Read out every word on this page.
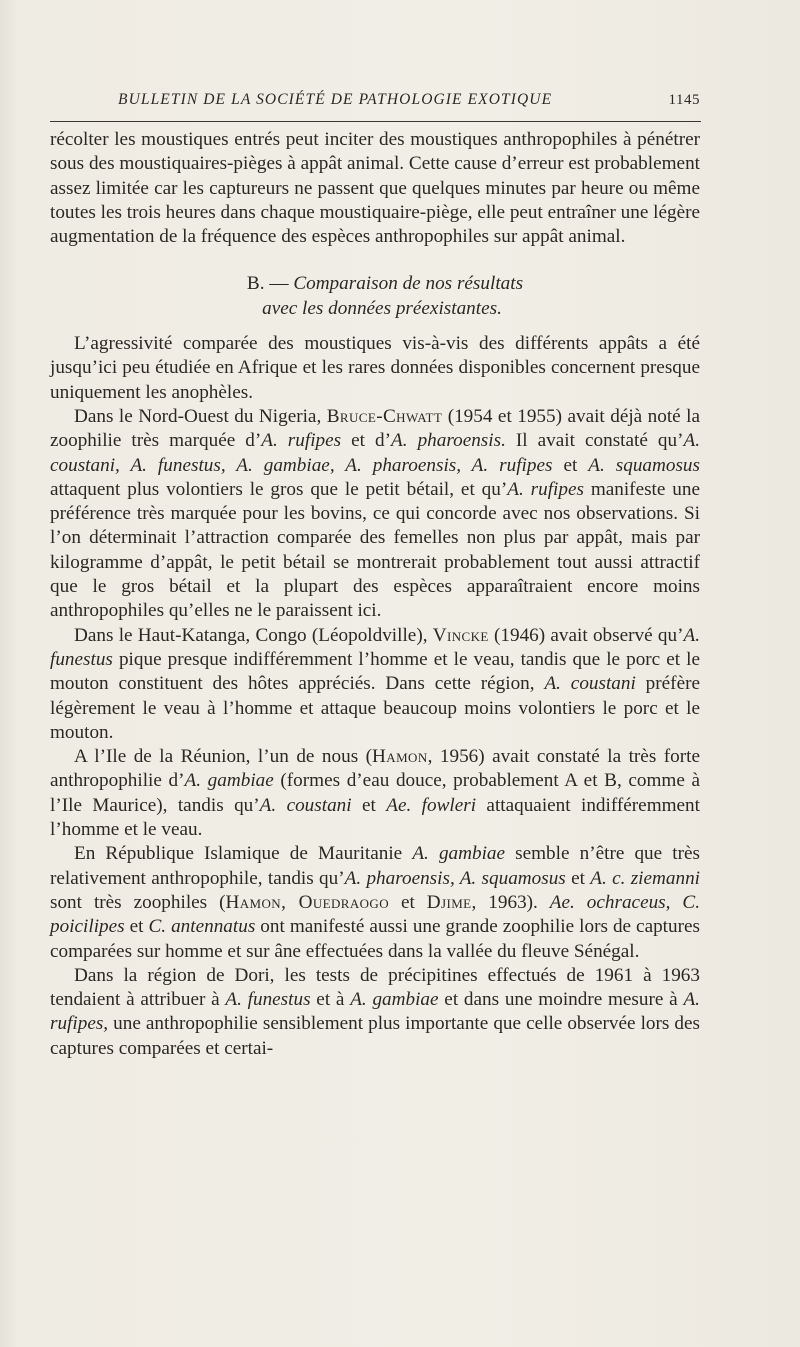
BULLETIN DE LA SOCIÉTÉ DE PATHOLOGIE EXOTIQUE	1145

récolter les moustiques entrés peut inciter des moustiques anthropophiles à pénétrer sous des moustiquaires-pièges à appât animal. Cette cause d’erreur est probablement assez limitée car les captureurs ne passent que quelques minutes par heure ou même toutes les trois heures dans chaque moustiquaire-piège, elle peut entraîner une légère augmentation de la fréquence des espèces anthropophiles sur appât animal.

B. — Comparaison de nos résultats
avec les données préexistantes.

L’agressivité comparée des moustiques vis-à-vis des différents appâts a été jusqu’ici peu étudiée en Afrique et les rares données disponibles concernent presque uniquement les anophèles.

Dans le Nord-Ouest du Nigeria, Bruce-Chwatt (1954 et 1955) avait déjà noté la zoophilie très marquée d’A. rufipes et d’A. pharoensis. Il avait constaté qu’A. coustani, A. funestus, A. gambiae, A. pharoensis, A. rufipes et A. squamosus attaquent plus volontiers le gros que le petit bétail, et qu’A. rufipes manifeste une préférence très marquée pour les bovins, ce qui concorde avec nos observations. Si l’on déterminait l’attraction comparée des femelles non plus par appât, mais par kilogramme d’appât, le petit bétail se montrerait probablement tout aussi attractif que le gros bétail et la plupart des espèces apparaîtraient encore moins anthropophiles qu’elles ne le paraissent ici.

Dans le Haut-Katanga, Congo (Léopoldville), Vincke (1946) avait observé qu’A. funestus pique presque indifféremment l’homme et le veau, tandis que le porc et le mouton constituent des hôtes appréciés. Dans cette région, A. coustani préfère légèrement le veau à l’homme et attaque beaucoup moins volontiers le porc et le mouton.

A l’Ile de la Réunion, l’un de nous (Hamon, 1956) avait constaté la très forte anthropophilie d’A. gambiae (formes d’eau douce, probablement A et B, comme à l’Ile Maurice), tandis qu’A. coustani et Ae. fowleri attaquaient indifféremment l’homme et le veau.

En République Islamique de Mauritanie A. gambiae semble n’être que très relativement anthropophile, tandis qu’A. pharoensis, A. squamosus et A. c. ziemanni sont très zoophiles (Hamon, Ouedraogo et Djime, 1963). Ae. ochraceus, C. poicilipes et C. antennatus ont manifesté aussi une grande zoophilie lors de captures comparées sur homme et sur âne effectuées dans la vallée du fleuve Sénégal.

Dans la région de Dori, les tests de précipitines effectués de 1961 à 1963 tendaient à attribuer à A. funestus et à A. gambiae et dans une moindre mesure à A. rufipes, une anthropophilie sensiblement plus importante que celle observée lors des captures comparées et certai-
